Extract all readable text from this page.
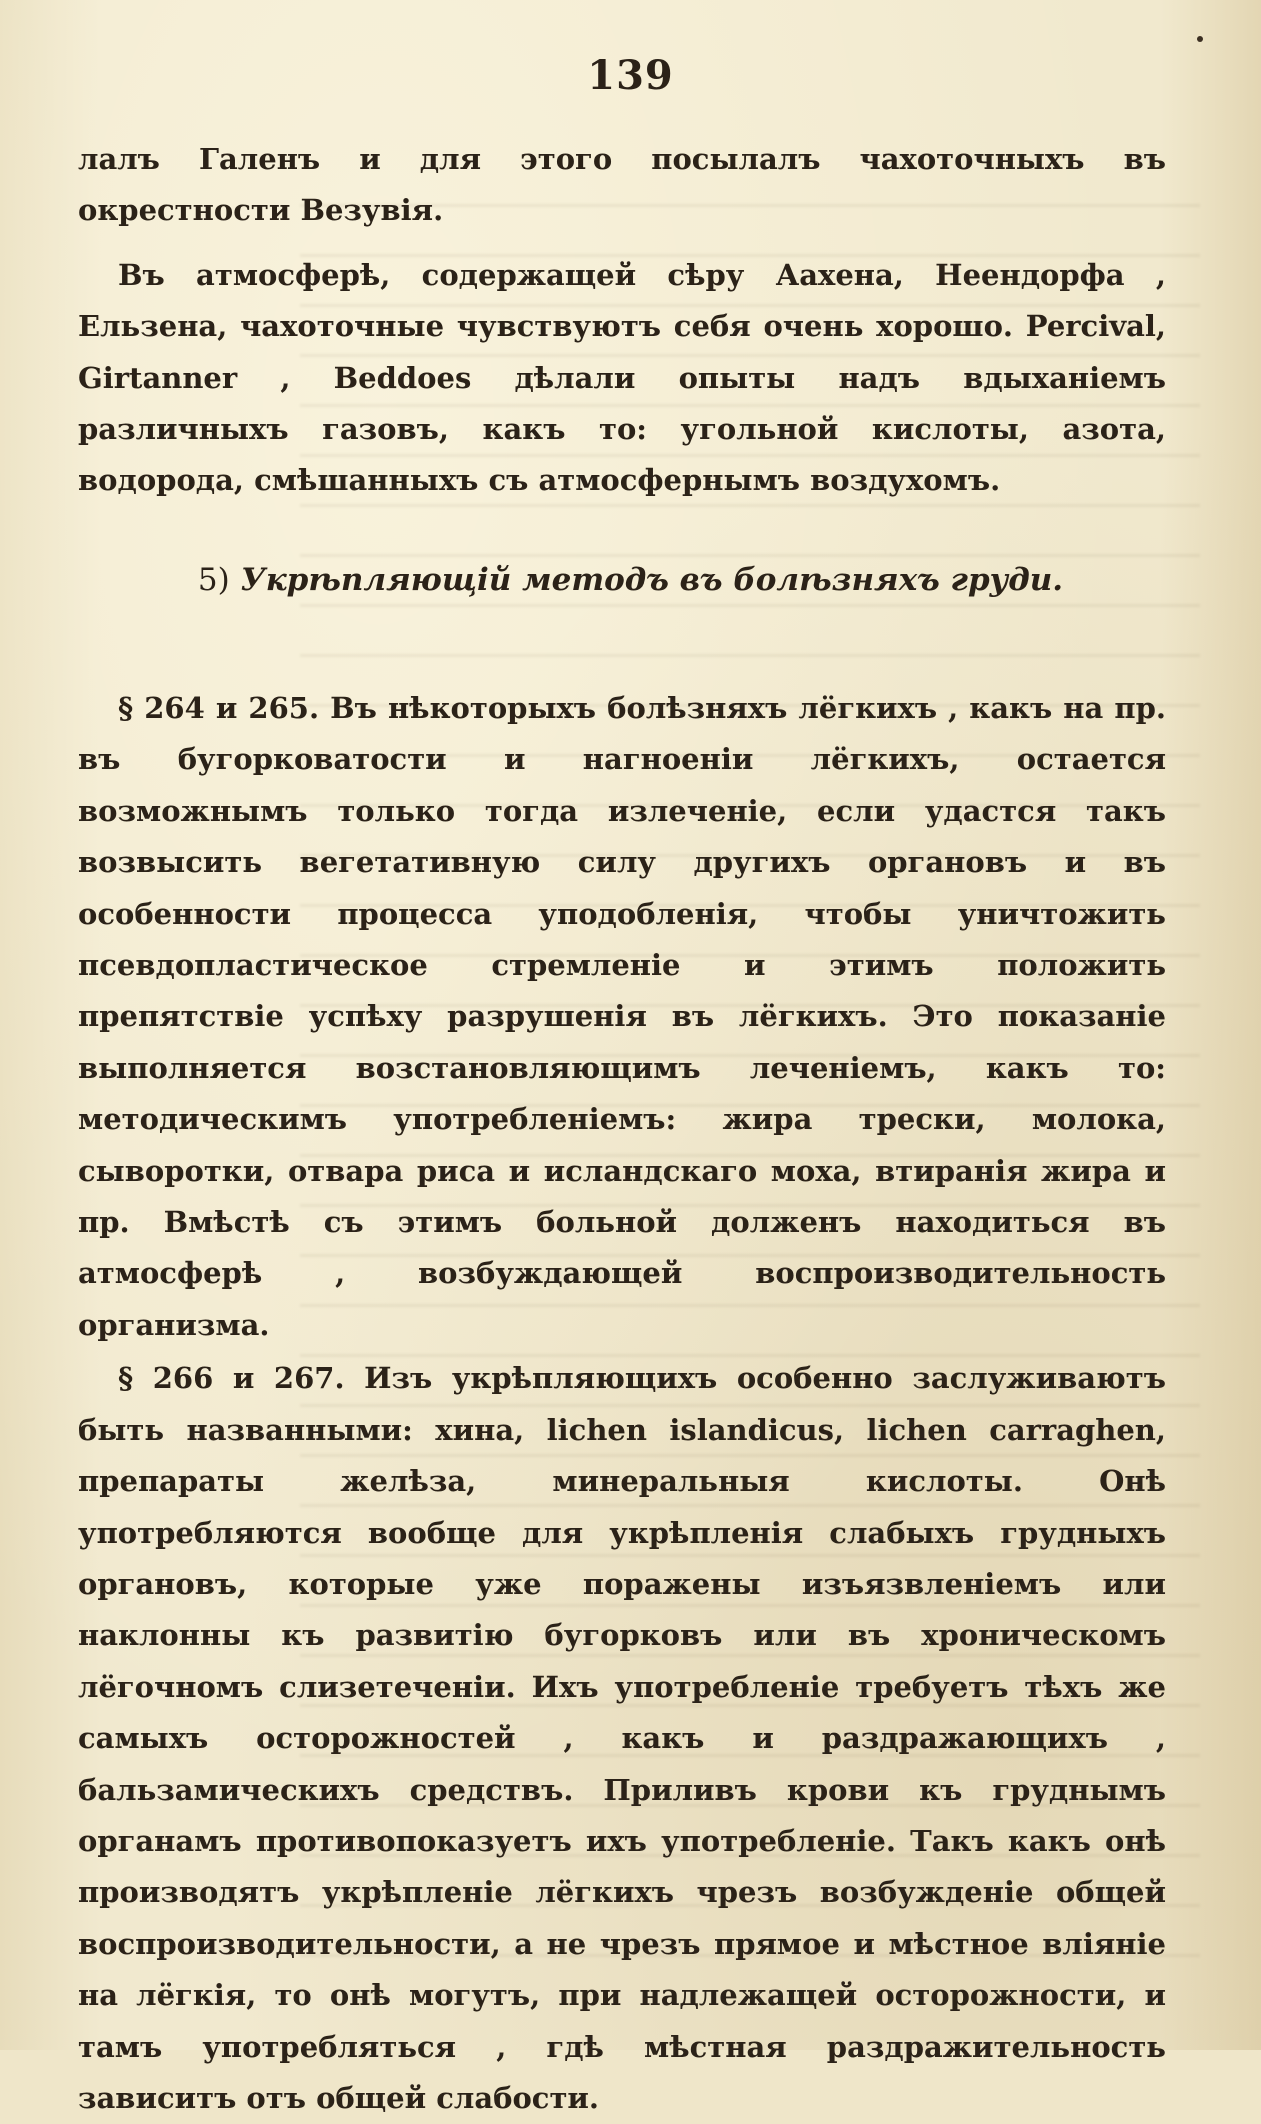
139

лалъ Галенъ и для этого посылалъ чахоточныхъ въ окрестности Везувія.

Въ атмосферѣ, содержащей сѣру Аахена, Неендорфа , Ельзена, чахоточные чувствуютъ себя очень хорошо. Percival, Girtanner , Beddoes дѣлали опыты надъ вдыханіемъ различныхъ газовъ, какъ то: угольной кислоты, азота, водорода, смѣшанныхъ съ атмосфернымъ воздухомъ.

5) Укрѣпляющій методъ въ болѣзняхъ груди.

§ 264 и 265. Въ нѣкоторыхъ болѣзняхъ лёгкихъ , какъ на пр. въ бугорковатости и нагноеніи лёгкихъ, остается возможнымъ только тогда излеченіе, если удастся такъ возвысить вегетативную силу другихъ органовъ и въ особенности процесса уподобленія, чтобы уничтожить псевдопластическое стремленіе и этимъ положить препятствіе успѣху разрушенія въ лёгкихъ. Это показаніе выполняется возстановляющимъ леченіемъ, какъ то: методическимъ употребленіемъ: жира трески, молока, сыворотки, отвара риса и исландскаго моха, втиранія жира и пр. Вмѣстѣ съ этимъ больной долженъ находиться въ атмосферѣ , возбуждающей воспроизводительность организма.

§ 266 и 267. Изъ укрѣпляющихъ особенно заслуживаютъ быть названными: хина, lichen islandicus, lichen carraghen, препараты желѣза, минеральныя кислоты. Онѣ употребляются вообще для укрѣпленія слабыхъ грудныхъ органовъ, которые уже поражены изъязвленіемъ или наклонны къ развитію бугорковъ или въ хроническомъ лёгочномъ слизетеченіи. Ихъ употребленіе требуетъ тѣхъ же самыхъ осторожностей , какъ и раздражающихъ , бальзамическихъ средствъ. Приливъ крови къ груднымъ органамъ противопоказуетъ ихъ употребленіе. Такъ какъ онѣ производятъ укрѣпленіе лёгкихъ чрезъ возбужденіе общей воспроизводительности, а не чрезъ прямое и мѣстное вліяніе на лёгкія, то онѣ могутъ, при надлежащей осторожности, и тамъ употребляться , гдѣ мѣстная раздражительность зависитъ отъ общей слабости.
